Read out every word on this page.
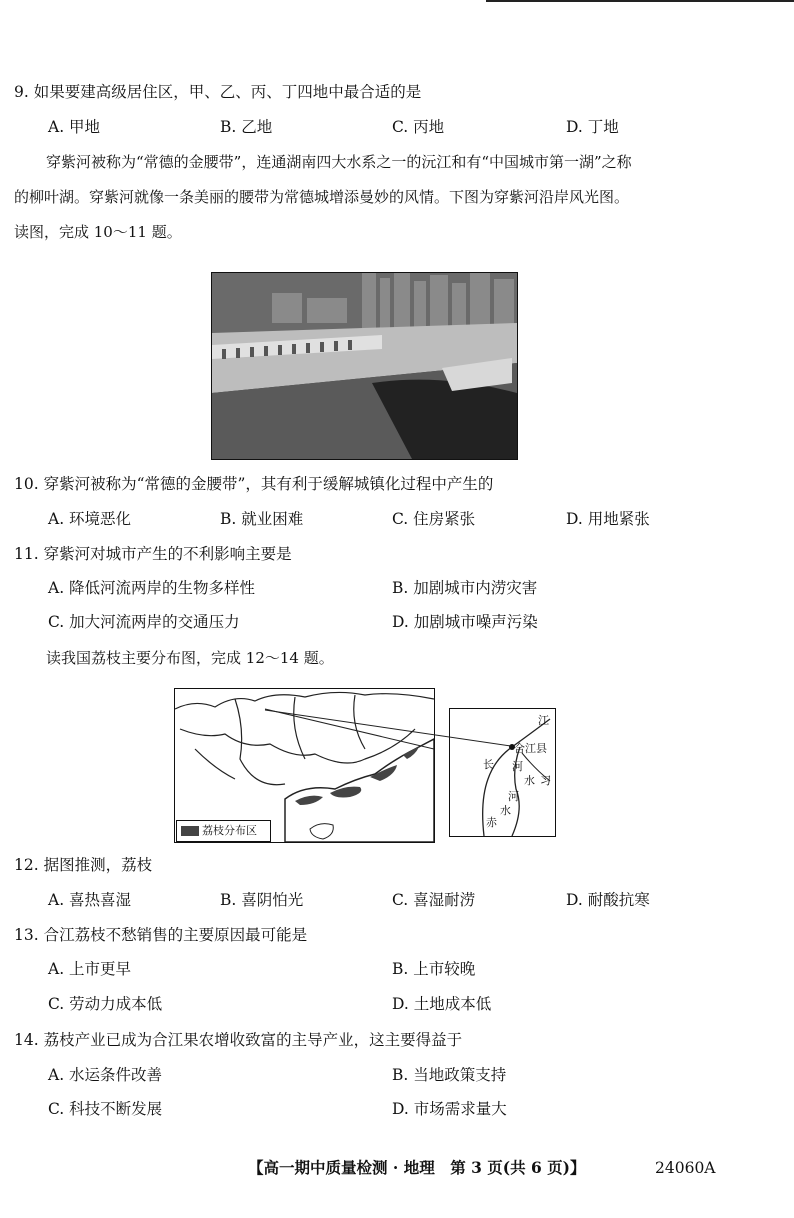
9. 如果要建高级居住区，甲、乙、丙、丁四地中最合适的是
A. 甲地	B. 乙地	C. 丙地	D. 丁地
穿紫河被称为“常德的金腰带”，连通湖南四大水系之一的沅江和有“中国城市第一湖”之称
的柳叶湖。穿紫河就像一条美丽的腰带为常德城增添曼妙的风情。下图为穿紫河沿岸风光图。
读图，完成 10～11 题。
10. 穿紫河被称为“常德的金腰带”，其有利于缓解城镇化过程中产生的
A. 环境恶化	B. 就业困难	C. 住房紧张	D. 用地紧张
11. 穿紫河对城市产生的不利影响主要是
A. 降低河流两岸的生物多样性	B. 加剧城市内涝灾害
C. 加大河流两岸的交通压力	D. 加剧城市噪声污染
读我国荔枝主要分布图，完成 12～14 题。
荔枝分布区
江
合江县
长 河
习
水
河
水
赤
12. 据图推测，荔枝
A. 喜热喜湿	B. 喜阴怕光	C. 喜湿耐涝	D. 耐酸抗寒
13. 合江荔枝不愁销售的主要原因最可能是
A. 上市更早	B. 上市较晚
C. 劳动力成本低	D. 土地成本低
14. 荔枝产业已成为合江果农增收致富的主导产业，这主要得益于
A. 水运条件改善	B. 当地政策支持
C. 科技不断发展	D. 市场需求量大
【高一期中质量检测 · 地理　第 3 页(共 6 页)】	24060A
